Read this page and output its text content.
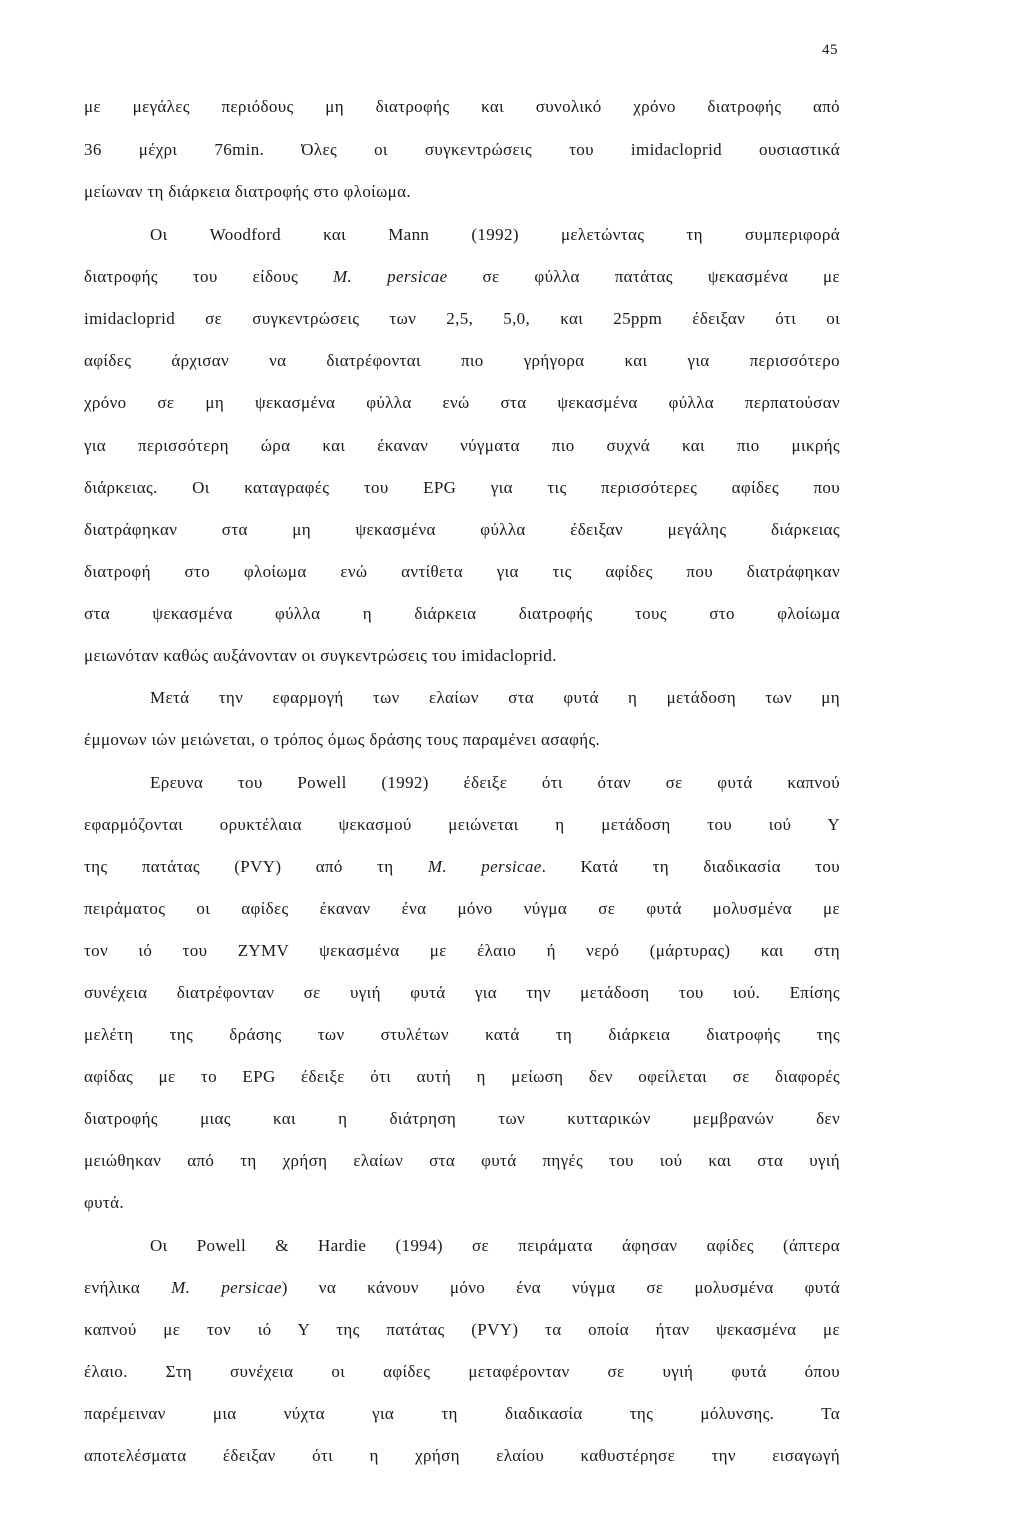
45
με μεγάλες περιόδους μη διατροφής και συνολικό χρόνο διατροφής από
36 μέχρι 76min. Όλες οι συγκεντρώσεις του imidacloprid ουσιαστικά
μείωναν τη διάρκεια διατροφής στο φλοίωμα.
Οι Woodford και Mann (1992) μελετώντας τη συμπεριφορά
διατροφής του είδους M. persicae σε φύλλα πατάτας ψεκασμένα με
imidacloprid σε συγκεντρώσεις των 2,5, 5,0, και 25ppm έδειξαν ότι οι
αφίδες άρχισαν να διατρέφονται πιο γρήγορα και για περισσότερο
χρόνο σε μη ψεκασμένα φύλλα ενώ στα ψεκασμένα φύλλα περπατούσαν
για περισσότερη ώρα και έκαναν νύγματα πιο συχνά και πιο μικρής
διάρκειας. Οι καταγραφές του EPG για τις περισσότερες αφίδες που
διατράφηκαν στα μη ψεκασμένα φύλλα έδειξαν μεγάλης διάρκειας
διατροφή στο φλοίωμα ενώ αντίθετα για τις αφίδες που διατράφηκαν
στα ψεκασμένα φύλλα η διάρκεια διατροφής τους στο φλοίωμα
μειωνόταν καθώς αυξάνονταν οι συγκεντρώσεις του imidacloprid.
Μετά την εφαρμογή των ελαίων στα φυτά η μετάδοση των μη
έμμονων ιών μειώνεται, ο τρόπος όμως δράσης τους παραμένει ασαφής.
Ερευνα του Powell (1992) έδειξε ότι όταν σε φυτά καπνού
εφαρμόζονται ορυκτέλαια ψεκασμού μειώνεται η μετάδοση του ιού Υ
της πατάτας (PVY) από τη M. persicae. Κατά τη διαδικασία του
πειράματος οι αφίδες έκαναν ένα μόνο νύγμα σε φυτά μολυσμένα με
τον ιό του ZYMV ψεκασμένα με έλαιο ή νερό (μάρτυρας) και στη
συνέχεια διατρέφονταν σε υγιή φυτά για την μετάδοση του ιού. Επίσης
μελέτη της δράσης των στυλέτων κατά τη διάρκεια διατροφής της
αφίδας με το EPG έδειξε ότι αυτή η μείωση δεν οφείλεται σε διαφορές
διατροφής μιας και η διάτρηση των κυτταρικών μεμβρανών δεν
μειώθηκαν από τη χρήση ελαίων στα φυτά πηγές του ιού και στα υγιή
φυτά.
Οι Powell & Hardie (1994) σε πειράματα άφησαν αφίδες (άπτερα
ενήλικα M. persicae) να κάνουν μόνο ένα νύγμα σε μολυσμένα φυτά
καπνού με τον ιό Υ της πατάτας (PVY) τα οποία ήταν ψεκασμένα με
έλαιο. Στη συνέχεια οι αφίδες μεταφέρονταν σε υγιή φυτά όπου
παρέμειναν μια νύχτα για τη διαδικασία της μόλυνσης. Τα
αποτελέσματα έδειξαν ότι η χρήση ελαίου καθυστέρησε την εισαγωγή
